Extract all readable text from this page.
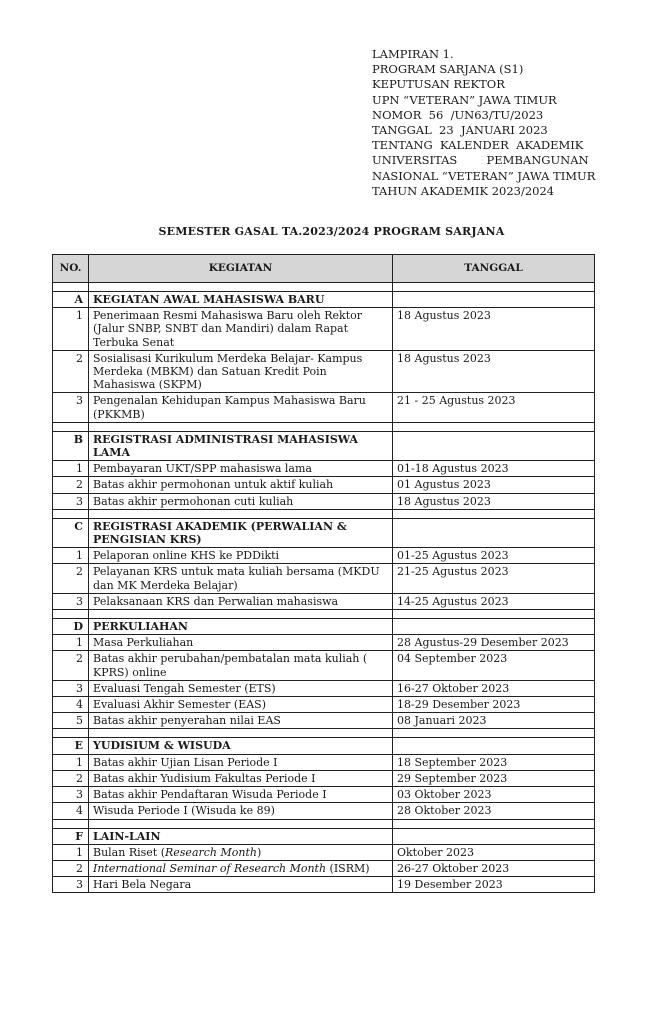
LAMPIRAN 1.
PROGRAM SARJANA (S1)
KEPUTUSAN REKTOR
UPN “VETERAN” JAWA TIMUR
NOMOR  56  /UN63/TU/2023
TANGGAL  23  JANUARI 2023
TENTANG  KALENDER  AKADEMIK
UNIVERSITAS        PEMBANGUNAN
NASIONAL “VETERAN” JAWA TIMUR
TAHUN AKADEMIK 2023/2024
SEMESTER GASAL TA.2023/2024 PROGRAM SARJANA
NO.	KEGIATAN	TANGGAL

A	KEGIATAN AWAL MAHASISWA BARU	
1	Penerimaan Resmi Mahasiswa Baru oleh Rektor (Jalur SNBP, SNBT dan Mandiri) dalam Rapat Terbuka Senat	18 Agustus 2023
2	Sosialisasi Kurikulum Merdeka Belajar- Kampus Merdeka (MBKM) dan Satuan Kredit Poin Mahasiswa (SKPM)	18 Agustus 2023
3	Pengenalan Kehidupan Kampus Mahasiswa Baru (PKKMB)	21 - 25 Agustus 2023

B	REGISTRASI ADMINISTRASI MAHASISWA LAMA	
1	Pembayaran UKT/SPP mahasiswa lama	01-18 Agustus 2023
2	Batas akhir permohonan untuk aktif kuliah	01 Agustus 2023
3	Batas akhir permohonan cuti kuliah	18 Agustus 2023

C	REGISTRASI AKADEMIK (PERWALIAN & PENGISIAN KRS)	
1	Pelaporan online KHS ke PDDikti	01-25 Agustus 2023
2	Pelayanan KRS untuk mata kuliah bersama (MKDU dan MK Merdeka Belajar)	21-25 Agustus 2023
3	Pelaksanaan KRS dan Perwalian mahasiswa	14-25 Agustus 2023

D	PERKULIAHAN	
1	Masa Perkuliahan	28 Agustus-29 Desember 2023
2	Batas akhir perubahan/pembatalan mata kuliah ( KPRS) online	04 September 2023
3	Evaluasi Tengah Semester (ETS)	16-27 Oktober 2023
4	Evaluasi Akhir Semester (EAS)	18-29 Desember 2023
5	Batas akhir penyerahan nilai EAS	08 Januari 2023

E	YUDISIUM & WISUDA	
1	Batas akhir Ujian Lisan Periode I	18 September 2023
2	Batas akhir Yudisium Fakultas Periode I	29 September 2023
3	Batas akhir Pendaftaran Wisuda Periode I	03 Oktober 2023
4	Wisuda Periode I (Wisuda ke 89)	28 Oktober 2023

F	LAIN-LAIN	
1	Bulan Riset (Research Month)	Oktober 2023
2	International Seminar of Research Month (ISRM)	26-27 Oktober 2023
3	Hari Bela Negara	19 Desember 2023
